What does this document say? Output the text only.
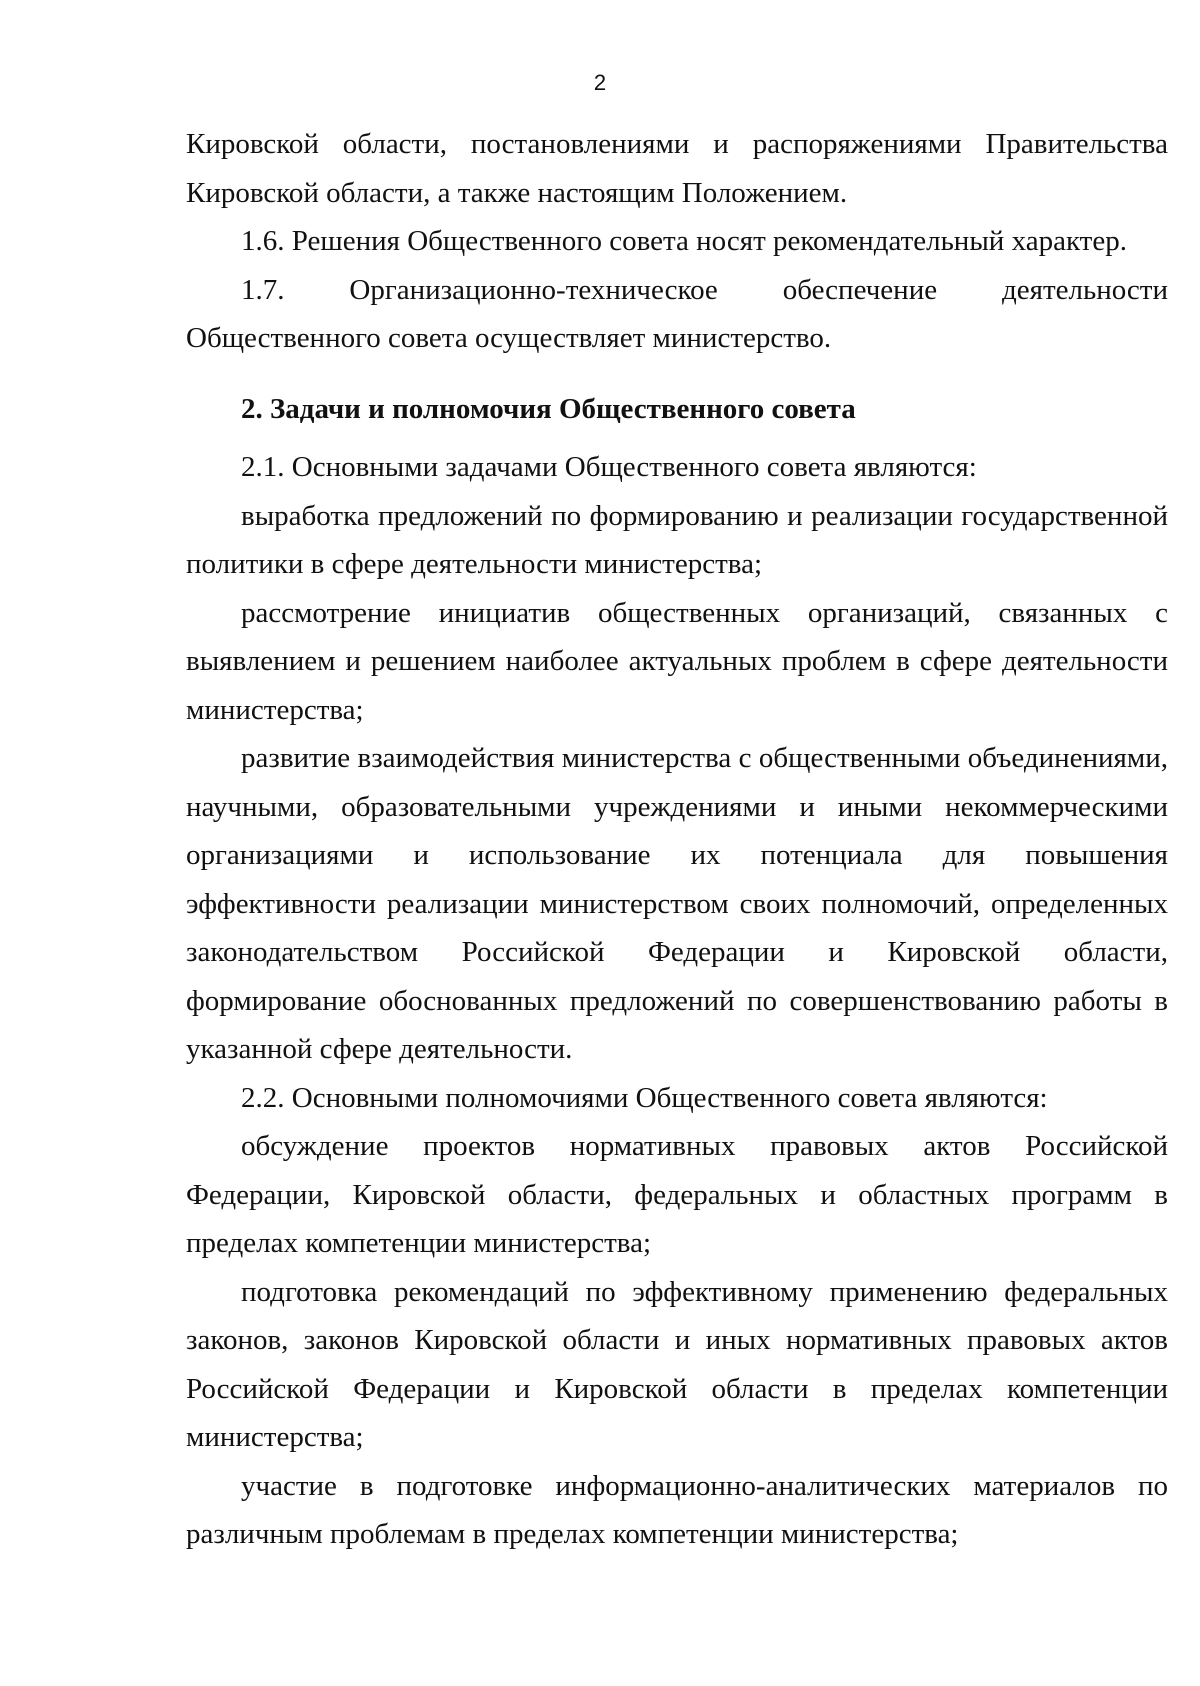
2

Кировской области, постановлениями и распоряжениями Правительства Кировской области, а также настоящим Положением.

1.6. Решения Общественного совета носят рекомендательный характер.

1.7. Организационно-техническое обеспечение деятельности Общественного совета осуществляет министерство.

2. Задачи и полномочия Общественного совета

2.1. Основными задачами Общественного совета являются:

выработка предложений по формированию и реализации государственной политики в сфере деятельности министерства;

рассмотрение инициатив общественных организаций, связанных с выявлением и решением наиболее актуальных проблем в сфере деятельности министерства;

развитие взаимодействия министерства с общественными объединениями, научными, образовательными учреждениями и иными некоммерческими организациями и использование их потенциала для повышения эффективности реализации министерством своих полномочий, определенных законодательством Российской Федерации и Кировской области, формирование обоснованных предложений по совершенствованию работы в указанной сфере деятельности.

2.2. Основными полномочиями Общественного совета являются:

обсуждение проектов нормативных правовых актов Российской Федерации, Кировской области, федеральных и областных программ в пределах компетенции министерства;

подготовка рекомендаций по эффективному применению федеральных законов, законов Кировской области и иных нормативных правовых актов Российской Федерации и Кировской области в пределах компетенции министерства;

участие в подготовке информационно-аналитических материалов по различным проблемам в пределах компетенции министерства;
